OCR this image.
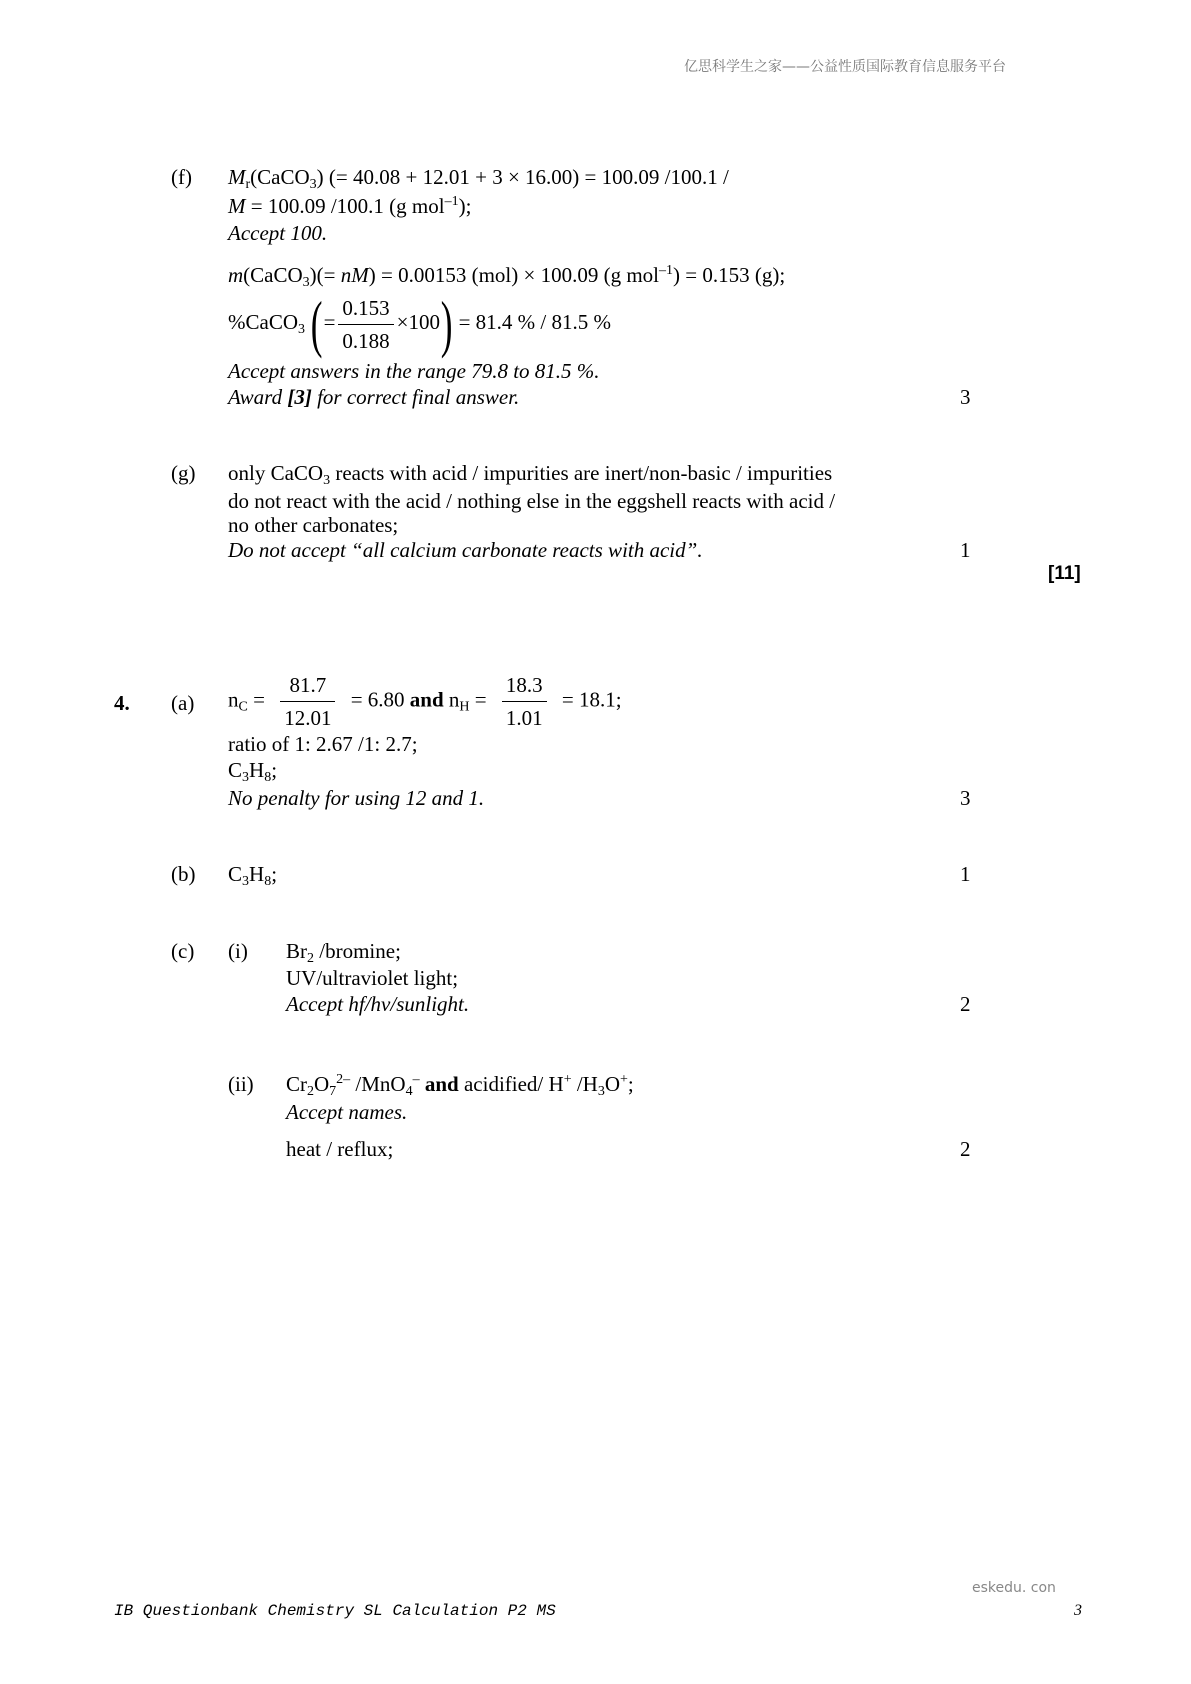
亿思科学生之家——公益性质国际教育信息服务平台
(f) $M_r(CaCO_3)$ (= 40.08 + 12.01 + 3 × 16.00) = 100.09 /100.1 /
M = 100.09 /100.1 (g mol$^{-1}$);
Accept 100.
m(CaCO$_3$)(= nM) = 0.00153 (mol) × 100.09 (g mol$^{-1}$) = 0.153 (g);
%CaCO$_3$ (= $\frac{0.153}{0.188} \times 100) = 81.4$ % / 81.5 %
Accept answers in the range 79.8 to 81.5 %.
Award [3] for correct final answer.	3
(g) only CaCO$_3$ reacts with acid / impurities are inert/non-basic / impurities
do not react with the acid / nothing else in the eggshell reacts with acid /
no other carbonates;
Do not accept “all calcium carbonate reacts with acid”.	1
[11]
4. (a) $n_C = \frac{81.7}{12.01} = 6.80$ and $n_H = \frac{18.3}{1.01} = 18.1$;
ratio of 1: 2.67 /1: 2.7;
$C_3H_8$;
No penalty for using 12 and 1.	3
(b) $C_3H_8$;	1
(c) (i) $Br_2$ /bromine;
UV/ultraviolet light;
Accept hf/hv/sunlight.	2
(ii) $Cr_2O_7^{2-}$ /MnO$_4$– and acidified/ H+ $/H_3O^+$;
Accept names.
heat / reflux;	2
eskedu. con
IB Questionbank Chemistry SL Calculation P2 MS	3
